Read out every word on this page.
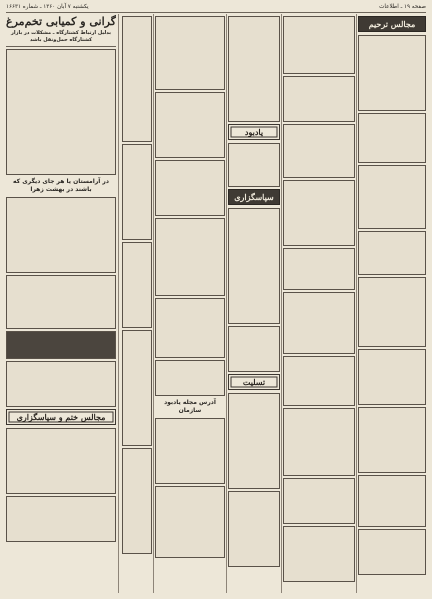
صفحه ۱۹ ـ اطلاعات
یکشنبه ۷ آبان ۱۳۶۰ ـ شماره ۱۶۶۳۱
مجالس ترحیم
یادبود
سپاسگزاری
تسلیت
آدرس مجله یادبود سازمان
گرانی و کمیابی تخم‌مرغ
بدلیل ارتباط کشتارگاه ـ مشکلات در بازار کشتارگاه حمل‌ونقل باشد
در آرامستان یا هر جای دیگری که باشند در بهشت زهرا
مجالس ختم و سپاسگزاری
